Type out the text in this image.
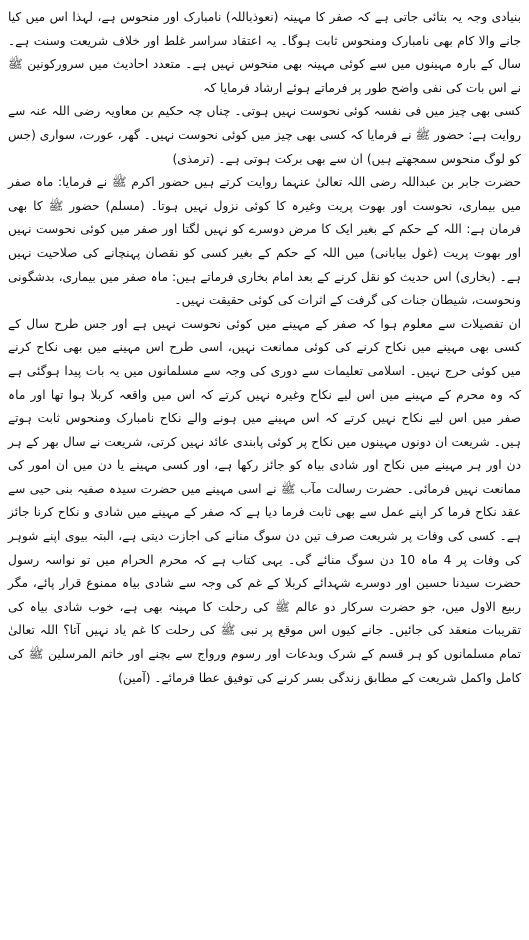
بنیادی وجہ یہ بتائی جاتی ہے کہ صفر کا مہینہ (نعوذباللہ) نامبارک اور منحوس ہے، لہذا اس میں کیا جانے والا کام بھی نامبارک ومنحوس ثابت ہوگا۔ یہ اعتقاد سراسر غلط اور خلاف شریعت وسنت ہے۔ سال کے بارہ مہینوں میں سے کوئی مہینہ بھی منحوس نہیں ہے۔ متعدد احادیث میں سرورکونین ﷺ نے اس بات کی نفی واضح طور پر فرماتے ہوئے ارشاد فرمایا کہ

کسی بھی چیز میں فی نفسہ کوئی نحوست نہیں ہوتی۔ چناں چہ حکیم بن معاویہ رضی اللہ عنہ سے روایت ہے: حضور ﷺ نے فرمایا کہ کسی بھی چیز میں کوئی نحوست نہیں۔ گھر، عورت، سواری (جس کو لوگ منحوس سمجھتے ہیں) ان سے بھی برکت ہوتی ہے۔ (ترمذی)

حضرت جابر بن عبداللہ رضی اللہ تعالیٰ عنہما روایت کرتے ہیں حضور اکرم ﷺ نے فرمایا: ماہ صفر میں بیماری، نحوست اور بھوت پریت وغیرہ کا کوئی نزول نہیں ہوتا۔ (مسلم) حضور ﷺ کا بھی فرمان ہے: اللہ کے حکم کے بغیر ایک کا مرض دوسرے کو نہیں لگتا اور صفر میں کوئی نحوست نہیں اور بھوت پریت (غول بیابانی) میں اللہ کے حکم کے بغیر کسی کو نقصان پہنچانے کی صلاحیت نہیں ہے۔ (بخاری) اس حدیث کو نقل کرنے کے بعد امام بخاری فرماتے ہیں: ماہ صفر میں بیماری، بدشگونی ونحوست، شیطان جنات کی گرفت کے اثرات کی کوئی حقیقت نہیں۔

ان تفصیلات سے معلوم ہوا کہ صفر کے مہینے میں کوئی نحوست نہیں ہے اور جس طرح سال کے کسی بھی مہینے میں نکاح کرنے کی کوئی ممانعت نہیں، اسی طرح اس مہینے میں بھی نکاح کرنے میں کوئی حرج نہیں۔ اسلامی تعلیمات سے دوری کی وجہ سے مسلمانوں میں یہ بات پیدا ہوگئی ہے کہ وہ محرم کے مہینے میں اس لیے نکاح وغیرہ نہیں کرتے کہ اس میں واقعہ کربلا ہوا تھا اور ماہ صفر میں اس لیے نکاح نہیں کرتے کہ اس مہینے میں ہونے والے نکاح نامبارک ومنحوس ثابت ہوتے ہیں۔ شریعت ان دونوں مہینوں میں نکاح پر کوئی پابندی عائد نہیں کرتی، شریعت نے سال بھر کے ہر دن اور ہر مہینے میں نکاح اور شادی بیاہ کو جائز رکھا ہے، اور کسی مہینے یا دن میں ان امور کی ممانعت نہیں فرمائی۔ حضرت رسالت مآب ﷺ نے اسی مہینے میں حضرت سیدہ صفیہ بنی حیی سے عقد نکاح فرما کر اپنے عمل سے بھی ثابت فرما دیا ہے کہ صفر کے مہینے میں شادی و نکاح کرنا جائز ہے۔ کسی کی وفات پر شریعت صرف تین دن سوگ منانے کی اجازت دیتی ہے، البتہ بیوی اپنے شوہر کی وفات پر 4 ماہ 10 دن سوگ منائے گی۔ یہی کتاب ہے کہ محرم الحرام میں تو نواسہ رسول حضرت سیدنا حسین اور دوسرے شہدائے کربلا کے غم کی وجہ سے شادی بیاہ ممنوع قرار پائے، مگر ربیع الاول میں، جو حضرت سرکار دو عالم ﷺ کی رحلت کا مہینہ بھی ہے، خوب شادی بیاہ کی تقریبات منعقد کی جائیں۔ جانے کیوں اس موقع پر نبی ﷺ کی رحلت کا غم یاد نہیں آتا؟ اللہ تعالیٰ تمام مسلمانوں کو ہر قسم کے شرک وبدعات اور رسوم ورواج سے بچنے اور خاتم المرسلین ﷺ کی کامل واکمل شریعت کے مطابق زندگی بسر کرنے کی توفیق عطا فرمائے۔ (آمین)
